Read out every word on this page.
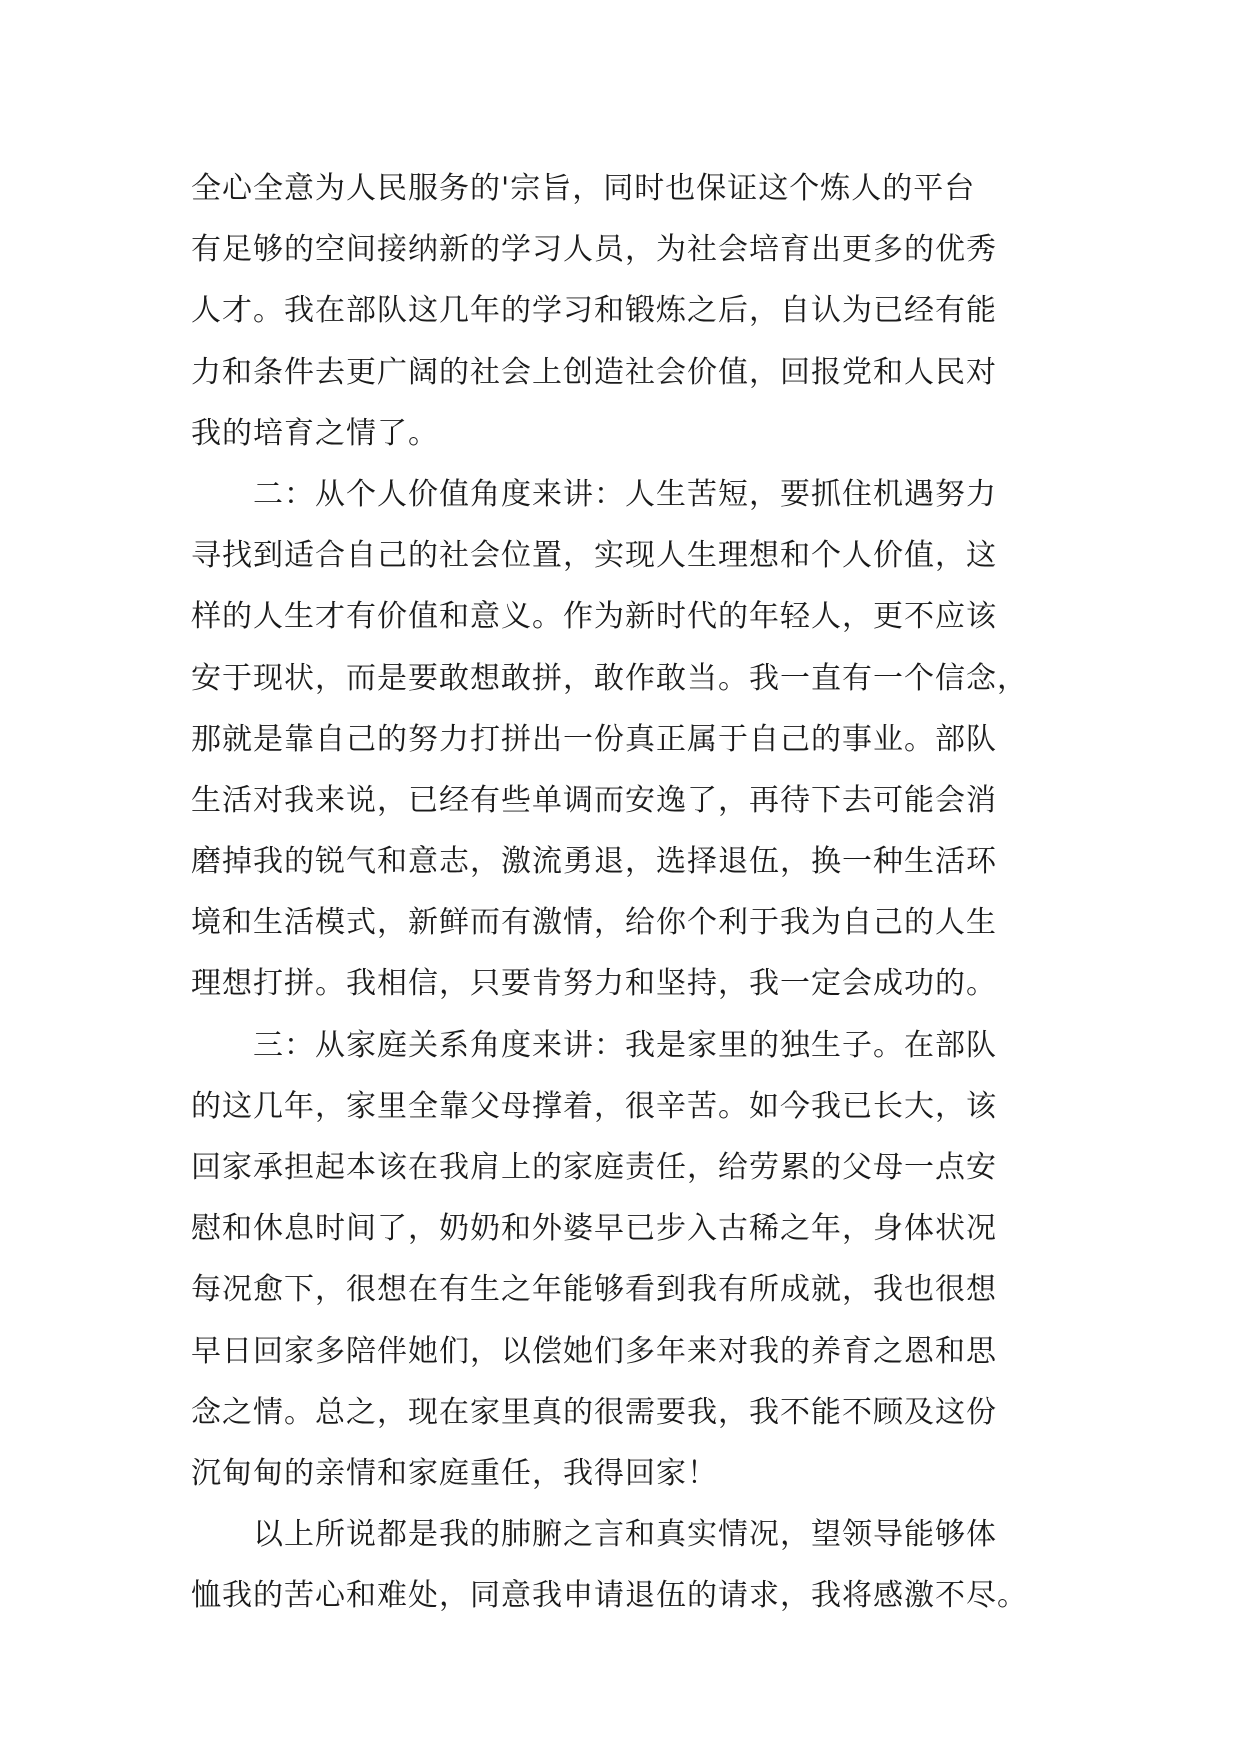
全心全意为人民服务的'宗旨，同时也保证这个炼人的平台
有足够的空间接纳新的学习人员，为社会培育出更多的优秀
人才。我在部队这几年的学习和锻炼之后，自认为已经有能
力和条件去更广阔的社会上创造社会价值，回报党和人民对
我的培育之情了。
二：从个人价值角度来讲：人生苦短，要抓住机遇努力
寻找到适合自己的社会位置，实现人生理想和个人价值，这
样的人生才有价值和意义。作为新时代的年轻人，更不应该
安于现状，而是要敢想敢拼，敢作敢当。我一直有一个信念，
那就是靠自己的努力打拼出一份真正属于自己的事业。部队
生活对我来说，已经有些单调而安逸了，再待下去可能会消
磨掉我的锐气和意志，激流勇退，选择退伍，换一种生活环
境和生活模式，新鲜而有激情，给你个利于我为自己的人生
理想打拼。我相信，只要肯努力和坚持，我一定会成功的。
三：从家庭关系角度来讲：我是家里的独生子。在部队
的这几年，家里全靠父母撑着，很辛苦。如今我已长大，该
回家承担起本该在我肩上的家庭责任，给劳累的父母一点安
慰和休息时间了，奶奶和外婆早已步入古稀之年，身体状况
每况愈下，很想在有生之年能够看到我有所成就，我也很想
早日回家多陪伴她们，以偿她们多年来对我的养育之恩和思
念之情。总之，现在家里真的很需要我，我不能不顾及这份
沉甸甸的亲情和家庭重任，我得回家！
以上所说都是我的肺腑之言和真实情况，望领导能够体
恤我的苦心和难处，同意我申请退伍的请求，我将感激不尽。
